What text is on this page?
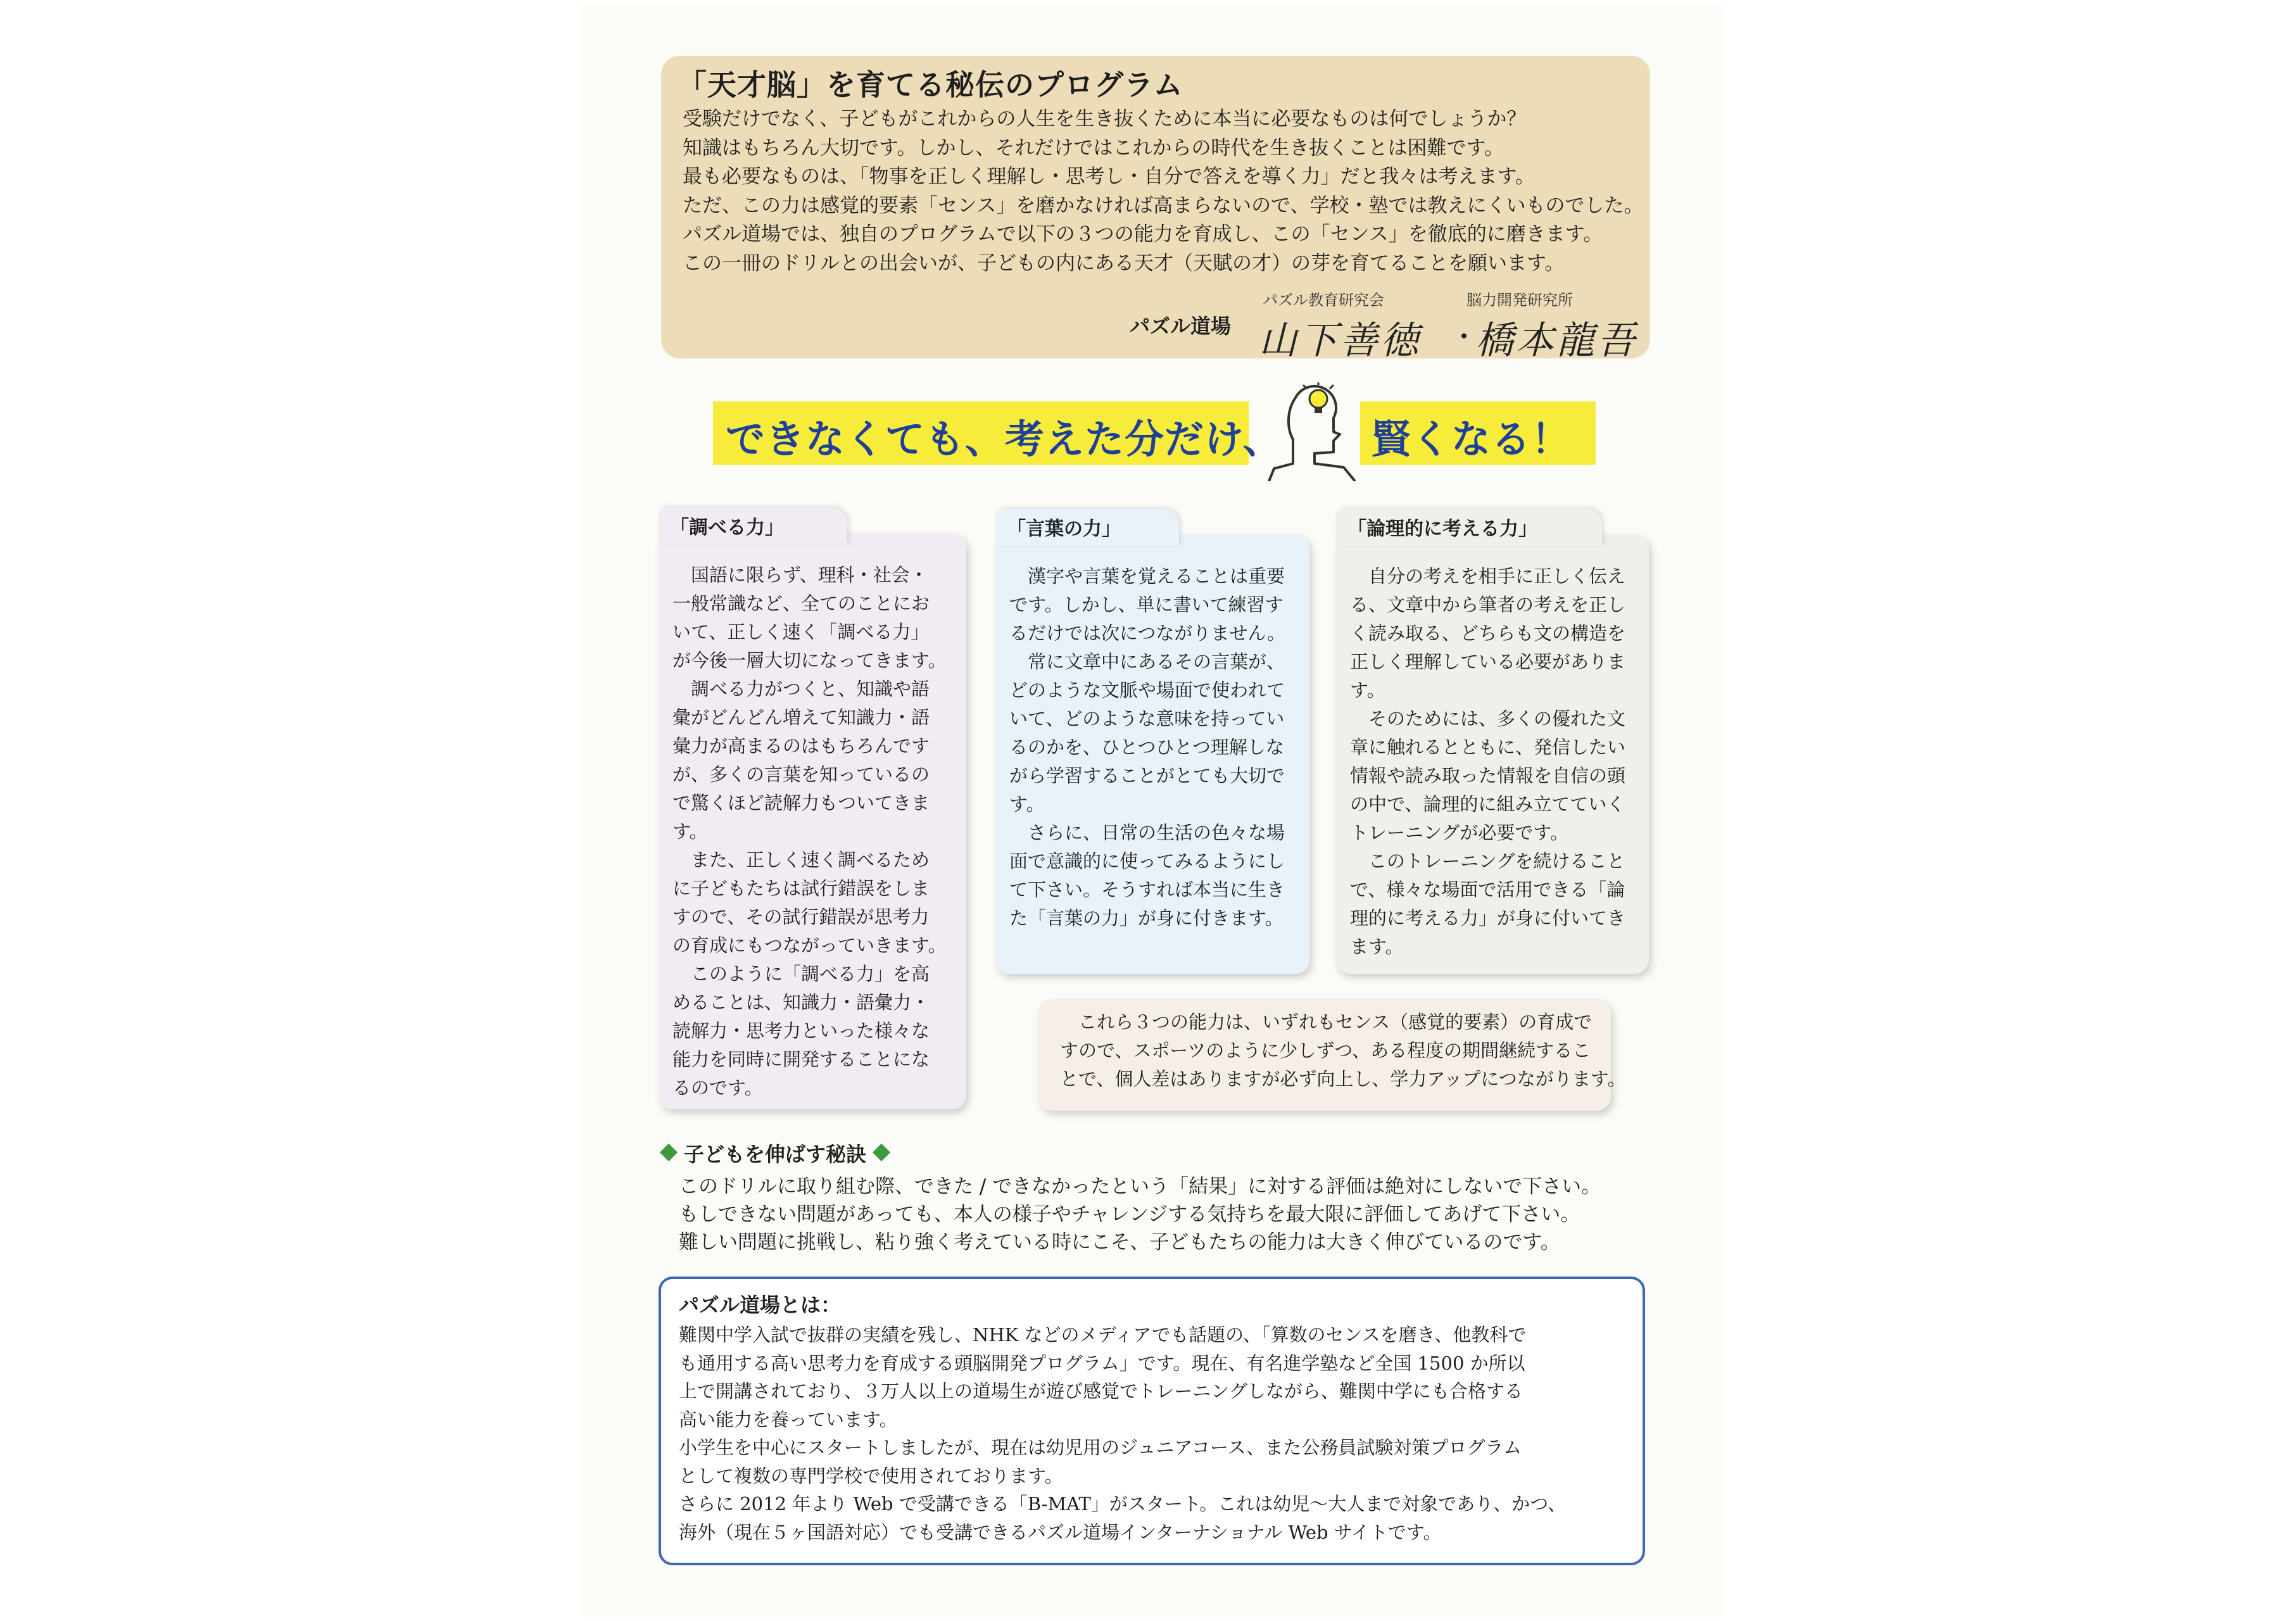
「天才脳」を育てる秘伝のプログラム

受験だけでなく、子どもがこれからの人生を生き抜くために本当に必要なものは何でしょうか？

知識はもちろん大切です。しかし、それだけではこれからの時代を生き抜くことは困難です。

最も必要なものは、「物事を正しく理解し・思考し・自分で答えを導く力」だと我々は考えます。

ただ、この力は感覚的要素「センス」を磨かなければ高まらないので、学校・塾では教えにくいものでした。

パズル道場では、独自のプログラムで以下の３つの能力を育成し、この「センス」を徹底的に磨きます。

この一冊のドリルとの出会いが、子どもの内にある天才（天賦の才）の芽を育てることを願います。

パズル道場
パズル教育研究会
山下善徳 ・
脳力開発研究所
橋本龍吾
できなくても、考えた分だけ、 賢くなる！
「調べる力」

　国語に限らず、理科・社会・

一般常識など、全てのことにお

いて、正しく速く「調べる力」

が今後一層大切になってきます。

　調べる力がつくと、知識や語

彙がどんどん増えて知識力・語

彙力が高まるのはもちろんです

が、多くの言葉を知っているの

で驚くほど読解力もついてきま

す。

　また、正しく速く調べるため

に子どもたちは試行錯誤をしま

すので、その試行錯誤が思考力

の育成にもつながっていきます。

　このように「調べる力」を高

めることは、知識力・語彙力・

読解力・思考力といった様々な

能力を同時に開発することにな

るのです。

「言葉の力」

　漢字や言葉を覚えることは重要

です。しかし、単に書いて練習す

るだけでは次につながりません。

　常に文章中にあるその言葉が、

どのような文脈や場面で使われて

いて、どのような意味を持ってい

るのかを、ひとつひとつ理解しな

がら学習することがとても大切で

す。

　さらに、日常の生活の色々な場

面で意識的に使ってみるようにし

て下さい。そうすれば本当に生き

た「言葉の力」が身に付きます。

「論理的に考える力」

　自分の考えを相手に正しく伝え

る、文章中から筆者の考えを正し

く読み取る、どちらも文の構造を

正しく理解している必要がありま

す。

　そのためには、多くの優れた文

章に触れるとともに、発信したい

情報や読み取った情報を自信の頭

の中で、論理的に組み立てていく

トレーニングが必要です。

　このトレーニングを続けること

で、様々な場面で活用できる「論

理的に考える力」が身に付いてき

ます。

　これら３つの能力は、いずれもセンス（感覚的要素）の育成で

すので、スポーツのように少しずつ、ある程度の期間継続するこ

とで、個人差はありますが必ず向上し、学力アップにつながります。

子どもを伸ばす秘訣

このドリルに取り組む際、できた / できなかったという「結果」に対する評価は絶対にしないで下さい。

もしできない問題があっても、本人の様子やチャレンジする気持ちを最大限に評価してあげて下さい。

難しい問題に挑戦し、粘り強く考えている時にこそ、子どもたちの能力は大きく伸びているのです。

パズル道場とは：

難関中学入試で抜群の実績を残し、NHK などのメディアでも話題の、「算数のセンスを磨き、他教科で

も通用する高い思考力を育成する頭脳開発プログラム」です。現在、有名進学塾など全国 1500 か所以

上で開講されており、３万人以上の道場生が遊び感覚でトレーニングしながら、難関中学にも合格する

高い能力を養っています。

小学生を中心にスタートしましたが、現在は幼児用のジュニアコース、また公務員試験対策プログラム

として複数の専門学校で使用されております。

さらに 2012 年より Web で受講できる「B-MAT」がスタート。これは幼児～大人まで対象であり、かつ、

海外（現在５ヶ国語対応）でも受講できるパズル道場インターナショナル Web サイトです。
